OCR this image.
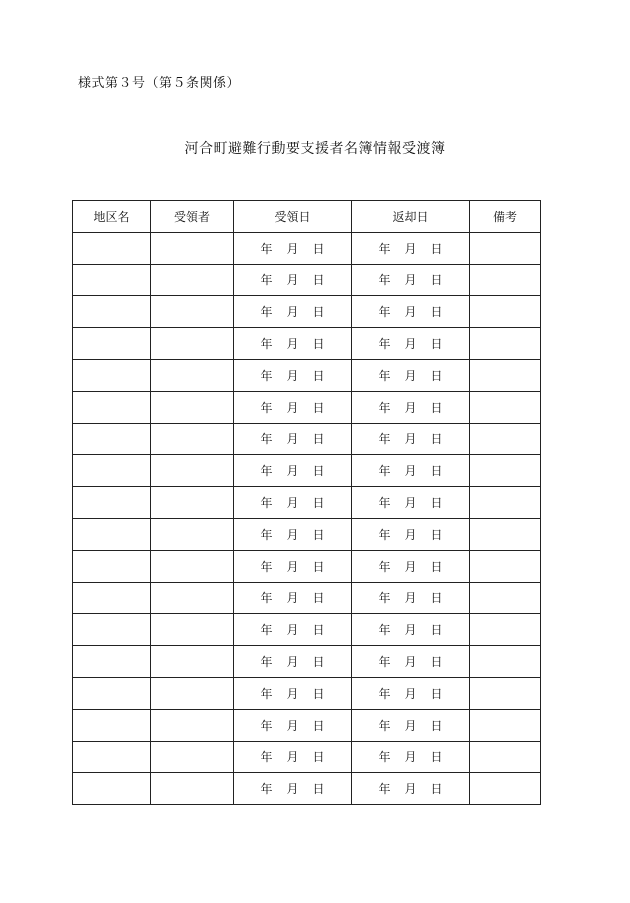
様式第３号（第５条関係）
河合町避難行動要支援者名簿情報受渡簿
地区名	受領者	受領日	返却日	備考
		年 月 日	年 月 日	
		年 月 日	年 月 日	
		年 月 日	年 月 日	
		年 月 日	年 月 日	
		年 月 日	年 月 日	
		年 月 日	年 月 日	
		年 月 日	年 月 日	
		年 月 日	年 月 日	
		年 月 日	年 月 日	
		年 月 日	年 月 日	
		年 月 日	年 月 日	
		年 月 日	年 月 日	
		年 月 日	年 月 日	
		年 月 日	年 月 日	
		年 月 日	年 月 日	
		年 月 日	年 月 日	
		年 月 日	年 月 日	
		年 月 日	年 月 日	
